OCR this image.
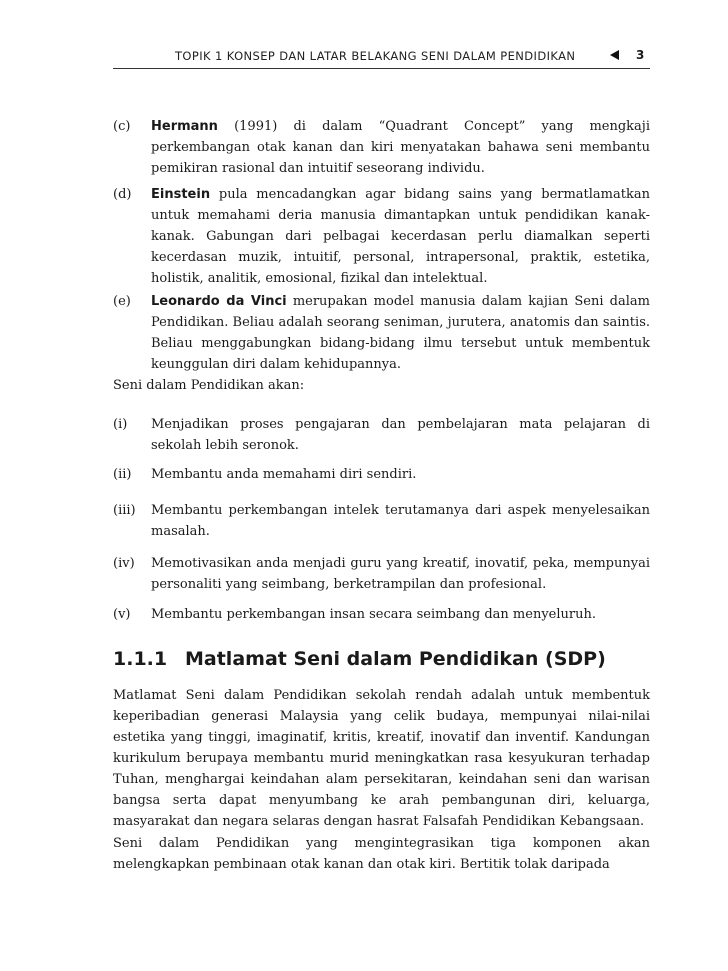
TOPIK 1 KONSEP DAN LATAR BELAKANG SENI DALAM PENDIDIKAN	3
(c) Hermann (1991) di dalam “Quadrant Concept” yang mengkaji perkembangan otak kanan dan kiri menyatakan bahawa seni membantu pemikiran rasional dan intuitif seseorang individu.
(d) Einstein pula mencadangkan agar bidang sains yang bermatlamatkan untuk memahami deria manusia dimantapkan untuk pendidikan kanak-kanak. Gabungan dari pelbagai kecerdasan perlu diamalkan seperti kecerdasan muzik, intuitif, personal, intrapersonal, praktik, estetika, holistik, analitik, emosional, fizikal dan intelektual.
(e) Leonardo da Vinci merupakan model manusia dalam kajian Seni dalam Pendidikan. Beliau adalah seorang seniman, jurutera, anatomis dan saintis. Beliau menggabungkan bidang-bidang ilmu tersebut untuk membentuk keunggulan diri dalam kehidupannya.
Seni dalam Pendidikan akan:
(i) Menjadikan proses pengajaran dan pembelajaran mata pelajaran di sekolah lebih seronok.
(ii) Membantu anda memahami diri sendiri.
(iii) Membantu perkembangan intelek terutamanya dari aspek menyelesaikan masalah.
(iv) Memotivasikan anda menjadi guru yang kreatif, inovatif, peka, mempunyai personaliti yang seimbang, berketrampilan dan profesional.
(v) Membantu perkembangan insan secara seimbang dan menyeluruh.
1.1.1 Matlamat Seni dalam Pendidikan (SDP)
Matlamat Seni dalam Pendidikan sekolah rendah adalah untuk membentuk keperibadian generasi Malaysia yang celik budaya, mempunyai nilai-nilai estetika yang tinggi, imaginatif, kritis, kreatif, inovatif dan inventif. Kandungan kurikulum berupaya membantu murid meningkatkan rasa kesyukuran terhadap Tuhan, menghargai keindahan alam persekitaran, keindahan seni dan warisan bangsa serta dapat menyumbang ke arah pembangunan diri, keluarga, masyarakat dan negara selaras dengan hasrat Falsafah Pendidikan Kebangsaan.
Seni dalam Pendidikan yang mengintegrasikan tiga komponen akan melengkapkan pembinaan otak kanan dan otak kiri. Bertitik tolak daripada
